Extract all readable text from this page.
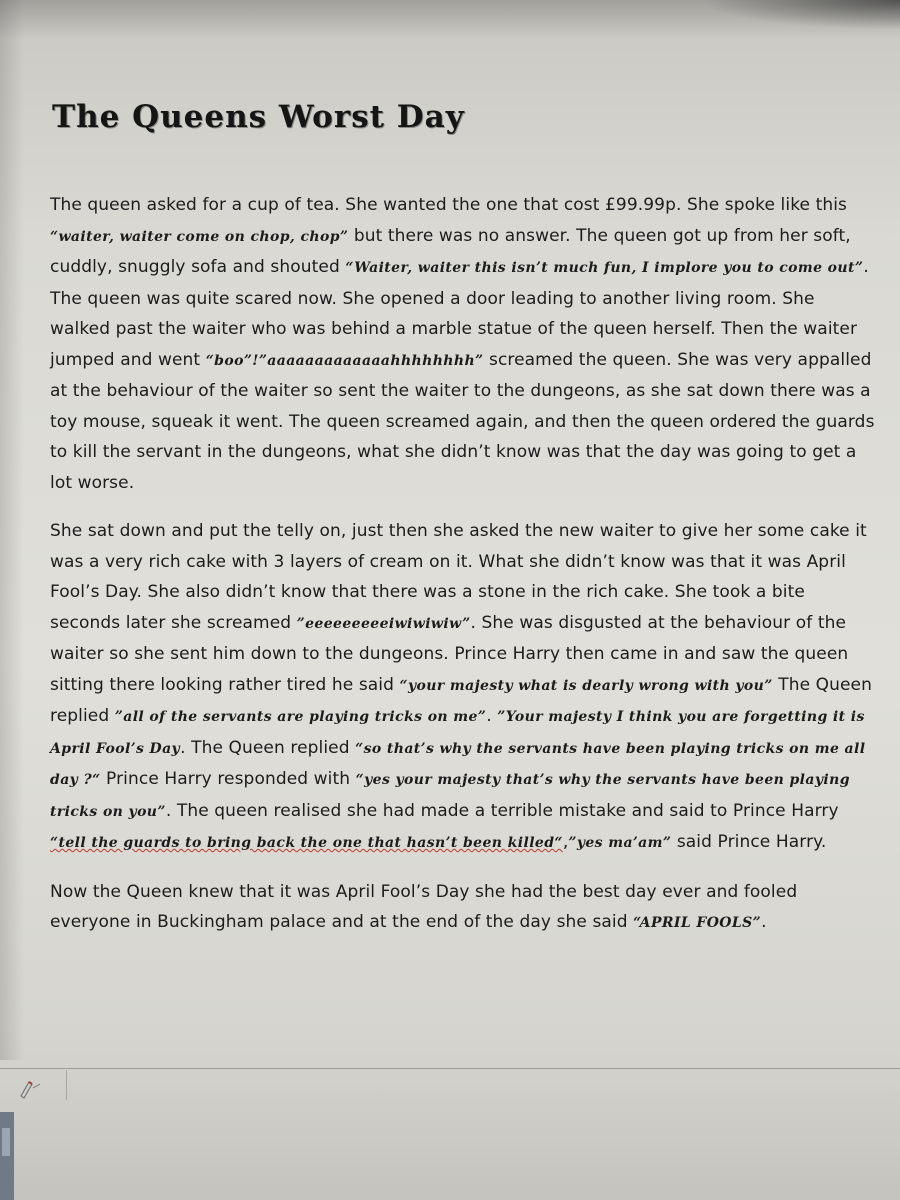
The Queens Worst Day

The queen asked for a cup of tea. She wanted the one that cost £99.99p. She spoke like this “waiter, waiter come on chop, chop” but there was no answer. The queen got up from her soft, cuddly, snuggly sofa and shouted “Waiter, waiter this isn’t much fun, I implore you to come out”. The queen was quite scared now. She opened a door leading to another living room. She walked past the waiter who was behind a marble statue of the queen herself. Then the waiter jumped and went “boo”!”aaaaaaaaaaaaahhhhhhhh” screamed the queen. She was very appalled at the behaviour of the waiter so sent the waiter to the dungeons, as she sat down there was a toy mouse, squeak it went. The queen screamed again, and then the queen ordered the guards to kill the servant in the dungeons, what she didn’t know was that the day was going to get a lot worse.

She sat down and put the telly on, just then she asked the new waiter to give her some cake it was a very rich cake with 3 layers of cream on it. What she didn’t know was that it was April Fool’s Day. She also didn’t know that there was a stone in the rich cake. She took a bite seconds later she screamed ”eeeeeeeeeiwiwiwiw”. She was disgusted at the behaviour of the waiter so she sent him down to the dungeons. Prince Harry then came in and saw the queen sitting there looking rather tired he said “your majesty what is dearly wrong with you” The Queen replied ”all of the servants are playing tricks on me”. ”Your majesty I think you are forgetting it is April Fool’s Day. The Queen replied “so that’s why the servants have been playing tricks on me all day ?“ Prince Harry responded with “yes your majesty that’s why the servants have been playing tricks on you”. The queen realised she had made a terrible mistake and said to Prince Harry “tell the guards to bring back the one that hasn’t been killed“,”yes ma’am” said Prince Harry.

Now the Queen knew that it was April Fool’s Day she had the best day ever and fooled everyone in Buckingham palace and at the end of the day she said “APRIL FOOLS”.
